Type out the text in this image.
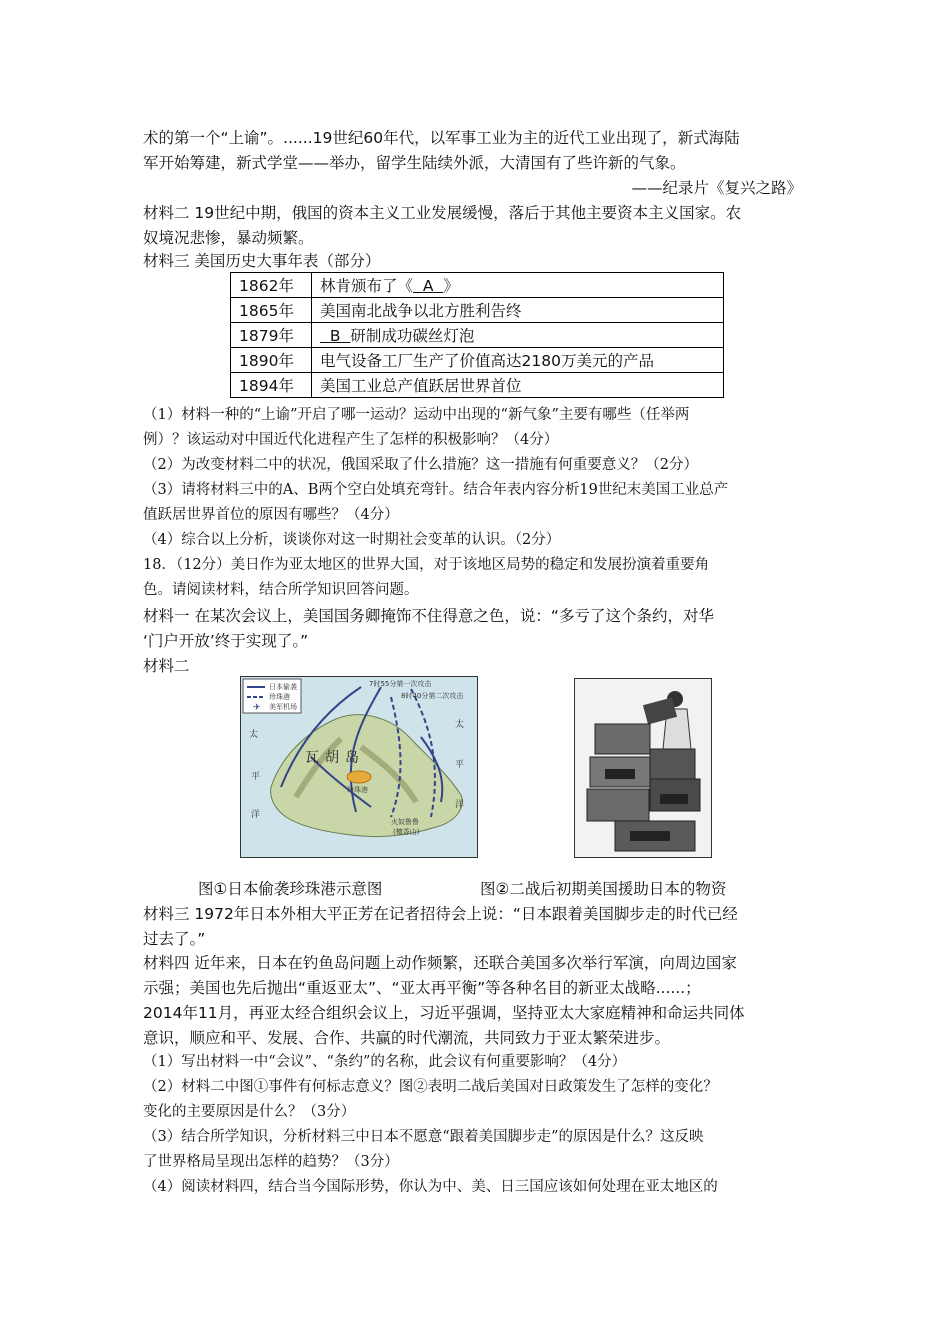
术的第一个“上谕”。......19世纪60年代，以军事工业为主的近代工业出现了，新式海陆
军开始筹建，新式学堂——举办，留学生陆续外派，大清国有了些许新的气象。
——纪录片《复兴之路》
材料二 19世纪中期，俄国的资本主义工业发展缓慢，落后于其他主要资本主义国家。农
奴境况悲惨，暴动频繁。
材料三 美国历史大事年表（部分）
1862年	林肯颁布了《  A  》
1865年	美国南北战争以北方胜利告终
1879年	B  研制成功碳丝灯泡
1890年	电气设备工厂生产了价值高达2180万美元的产品
1894年	美国工业总产值跃居世界首位
（1）材料一种的“上谕”开启了哪一运动？运动中出现的“新气象”主要有哪些（任举两
例）？该运动对中国近代化进程产生了怎样的积极影响？（4分）
（2）为改变材料二中的状况，俄国采取了什么措施？这一措施有何重要意义？（2分）
（3）请将材料三中的A、B两个空白处填充弯针。结合年表内容分析19世纪末美国工业总产
值跃居世界首位的原因有哪些？（4分）
（4）综合以上分析，谈谈你对这一时期社会变革的认识。（2分）
18．（12分）美日作为亚太地区的世界大国，对于该地区局势的稳定和发展扮演着重要角
色。请阅读材料，结合所学知识回答问题。
材料一 在某次会议上，美国国务卿掩饰不住得意之色，说：“多亏了这个条约，对华
‘门户开放’终于实现了。”
材料二
✈
日本偷袭
珍珠港
美军机场
7时55分第一次攻击
8时40分第二次攻击
太
平
洋
瓦 胡 岛
太
平
洋
珍珠港
火奴鲁鲁
(檀香山)
图①日本偷袭珍珠港示意图	图②二战后初期美国援助日本的物资
材料三 1972年日本外相大平正芳在记者招待会上说：“日本跟着美国脚步走的时代已经
过去了。”
材料四 近年来，日本在钓鱼岛问题上动作频繁，还联合美国多次举行军演，向周边国家
示强；美国也先后抛出“重返亚太”、“亚太再平衡”等各种名目的新亚太战略......；
2014年11月，再亚太经合组织会议上，习近平强调，坚持亚太大家庭精神和命运共同体
意识，顺应和平、发展、合作、共赢的时代潮流，共同致力于亚太繁荣进步。
（1）写出材料一中“会议”、“条约”的名称，此会议有何重要影响？（4分）
（2）材料二中图①事件有何标志意义？图②表明二战后美国对日政策发生了怎样的变化？
变化的主要原因是什么？（3分）
（3）结合所学知识，分析材料三中日本不愿意“跟着美国脚步走”的原因是什么？这反映
了世界格局呈现出怎样的趋势？（3分）
（4）阅读材料四，结合当今国际形势，你认为中、美、日三国应该如何处理在亚太地区的
